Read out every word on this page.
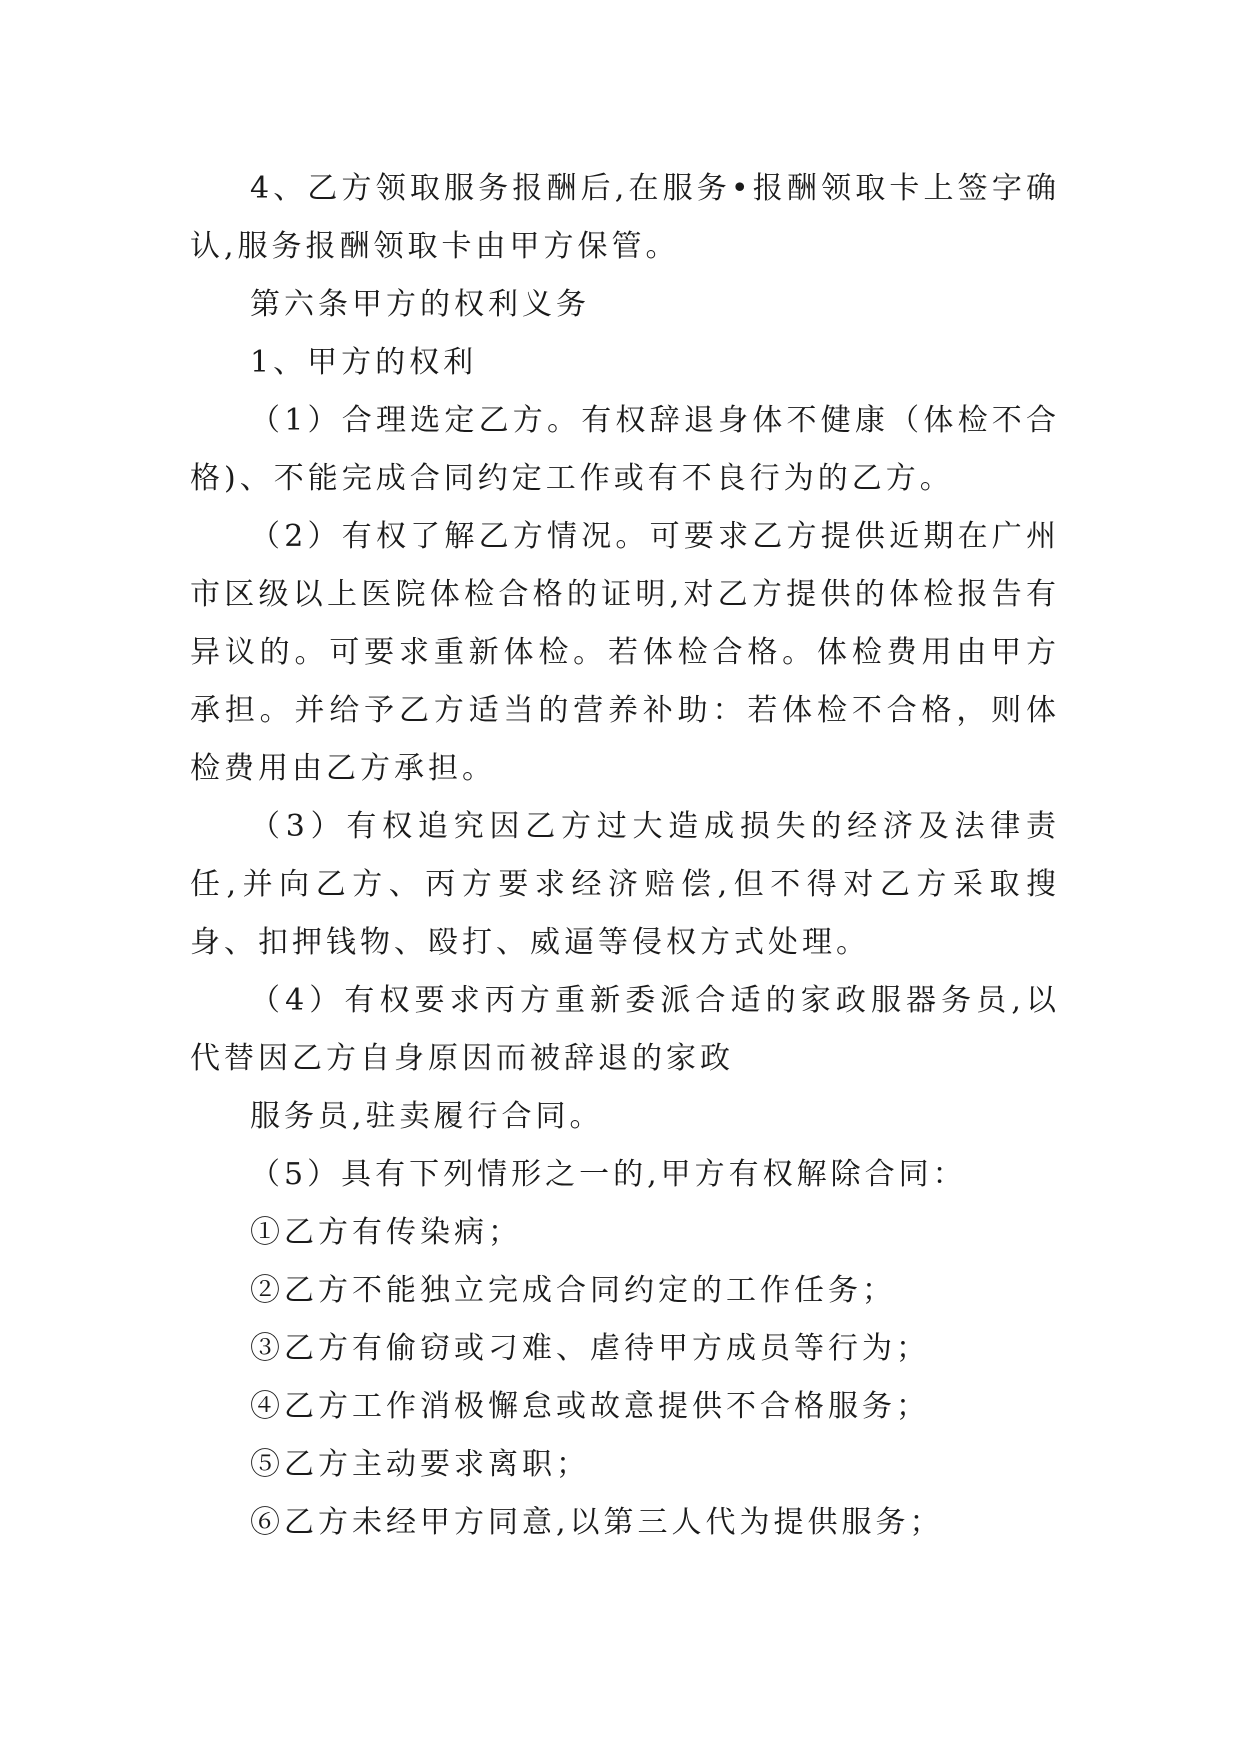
4、乙方领取服务报酬后,在服务•报酬领取卡上签字确认,服务报酬领取卡由甲方保管。

第六条甲方的权利义务

1、甲方的权利

（1）合理选定乙方。有权辞退身体不健康（体检不合格)、不能完成合同约定工作或有不良行为的乙方。

（2）有权了解乙方情况。可要求乙方提供近期在广州市区级以上医院体检合格的证明,对乙方提供的体检报告有异议的。可要求重新体检。若体检合格。体检费用由甲方承担。并给予乙方适当的营养补助：若体检不合格，则体检费用由乙方承担。

（3）有权追究因乙方过大造成损失的经济及法律责任,并向乙方、丙方要求经济赔偿,但不得对乙方采取搜身、扣押钱物、殴打、威逼等侵权方式处理。

（4）有权要求丙方重新委派合适的家政服器务员,以代替因乙方自身原因而被辞退的家政

服务员,驻卖履行合同。

（5）具有下列情形之一的,甲方有权解除合同：

①乙方有传染病；

②乙方不能独立完成合同约定的工作任务；

③乙方有偷窃或刁难、虐待甲方成员等行为；

④乙方工作消极懈怠或故意提供不合格服务；

⑤乙方主动要求离职；

⑥乙方未经甲方同意,以第三人代为提供服务；
